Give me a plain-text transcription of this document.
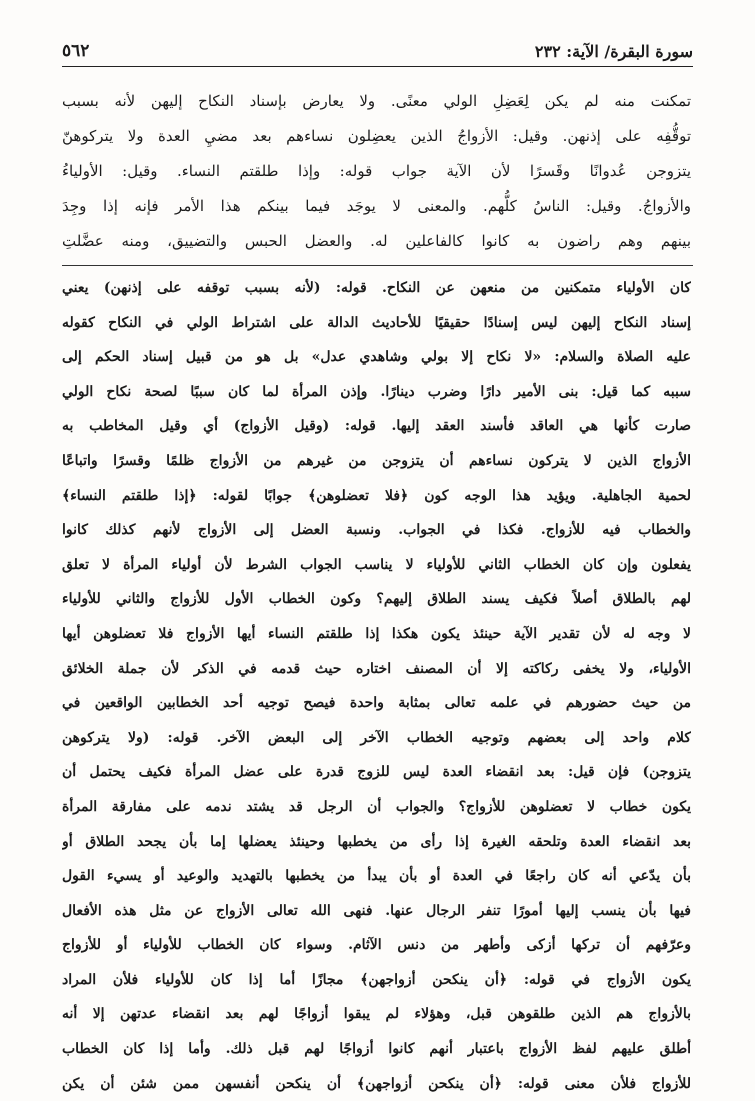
سورة البقرة/ الآية: ٢٣٢
٥٦٢
تمكنت منه لم يكن لِعَضِلِ الولي معنًى. ولا يعارض بإسناد النكاح إليهن لأنه بسبب
توقُّفِه على إذنهن. وقيل: الأزواجُ الذين يعضِلون نساءهم بعد مضيِ العدة ولا يتركوهنّ
يتزوجن عُدوانًا وقَسرًا لأن الآية جواب قوله: وإذا طلقتم النساء. وقيل: الأولياءُ
والأزواجُ. وقيل: الناسُ كلُّهم. والمعنى لا يوجَد فيما بينكم هذا الأمر فإنه إذا وجِدَ
بينهم وهم راضون به كانوا كالفاعلين له. والعضل الحبس والتضييق، ومنه عضَّلتِ
كان الأولياء متمكنين من منعهن عن النكاح. قوله: (لأنه بسبب توقفه على إذنهن) يعني
إسناد النكاح إليهن ليس إسنادًا حقيقيًا للأحاديث الدالة على اشتراط الولي في النكاح كقوله
عليه الصلاة والسلام: «لا نكاح إلا بولي وشاهدي عدل» بل هو من قبيل إسناد الحكم إلى
سببه كما قيل: بنى الأمير دارًا وضرب دينارًا. وإذن المرأة لما كان سببًا لصحة نكاح الولي
صارت كأنها هي العاقد فأسند العقد إليها. قوله: (وقيل الأزواج) أي وقيل المخاطب به
الأزواج الذين لا يتركون نساءهم أن يتزوجن من غيرهم من الأزواج ظلمًا وقسرًا واتباعًا
لحمية الجاهلية. ويؤيد هذا الوجه كون ﴿فلا تعضلوهن﴾ جوابًا لقوله: ﴿إذا طلقتم النساء﴾
والخطاب فيه للأزواج. فكذا في الجواب. ونسبة العضل إلى الأزواج لأنهم كذلك كانوا
يفعلون وإن كان الخطاب الثاني للأولياء لا يناسب الجواب الشرط لأن أولياء المرأة لا تعلق
لهم بالطلاق أصلاً فكيف يسند الطلاق إليهم؟ وكون الخطاب الأول للأزواج والثاني للأولياء
لا وجه له لأن تقدير الآية حينئذ يكون هكذا إذا طلقتم النساء أيها الأزواج فلا تعضلوهن أيها
الأولياء، ولا يخفى ركاكته إلا أن المصنف اختاره حيث قدمه في الذكر لأن جملة الخلائق
من حيث حضورهم في علمه تعالى بمثابة واحدة فيصح توجيه أحد الخطابين الواقعين في
كلام واحد إلى بعضهم وتوجيه الخطاب الآخر إلى البعض الآخر. قوله: (ولا يتركوهن
يتزوجن) فإن قيل: بعد انقضاء العدة ليس للزوج قدرة على عضل المرأة فكيف يحتمل أن
يكون خطاب لا تعضلوهن للأزواج؟ والجواب أن الرجل قد يشتد ندمه على مفارقة المرأة
بعد انقضاء العدة وتلحقه الغيرة إذا رأى من يخطبها وحينئذ يعضلها إما بأن يجحد الطلاق أو
بأن يدّعي أنه كان راجعًا في العدة أو بأن يبدأ من يخطبها بالتهديد والوعيد أو يسيء القول
فيها بأن ينسب إليها أمورًا تنفر الرجال عنها. فنهى الله تعالى الأزواج عن مثل هذه الأفعال
وعرّفهم أن تركها أزكى وأطهر من دنس الآثام. وسواء كان الخطاب للأولياء أو للأزواج
يكون الأزواج في قوله: ﴿أن ينكحن أزواجهن﴾ مجازًا أما إذا كان للأولياء فلأن المراد
بالأزواج هم الذين طلقوهن قبل، وهؤلاء لم يبقوا أزواجًا لهم بعد انقضاء عدتهن إلا أنه
أطلق عليهم لفظ الأزواج باعتبار أنهم كانوا أزواجًا لهم قبل ذلك. وأما إذا كان الخطاب
للأزواج فلأن معنى قوله: ﴿أن ينكحن أزواجهن﴾ أن ينكحن أنفسهن ممن شئن أن يكن
